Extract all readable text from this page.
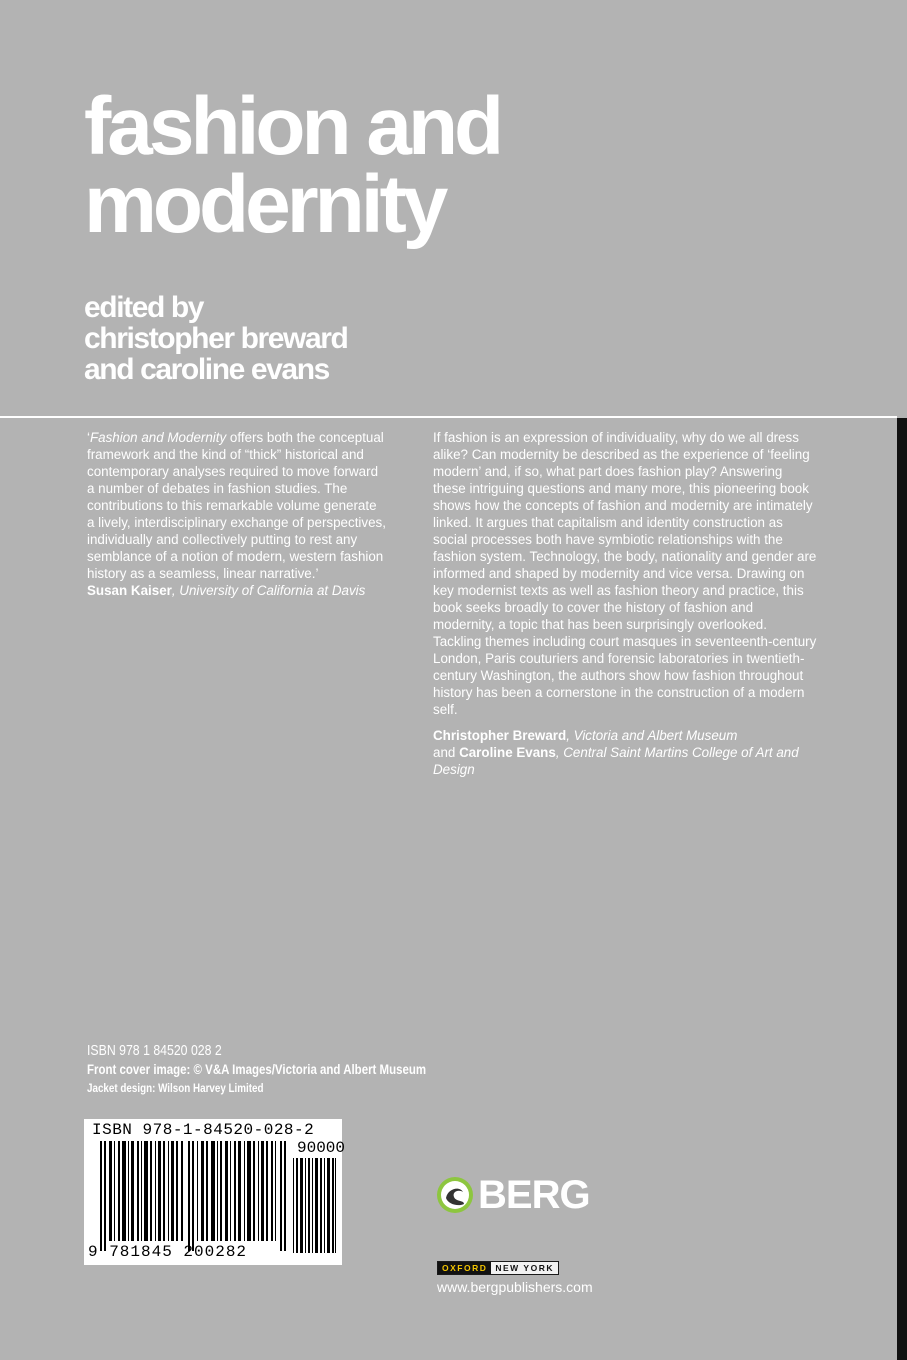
fashion and
modernity
edited by
christopher breward
and caroline evans
‘Fashion and Modernity offers both the conceptual framework and the kind of “thick” historical and contemporary analyses required to move forward a number of debates in fashion studies. The contributions to this remarkable volume generate a lively, interdisciplinary exchange of perspectives, individually and collectively putting to rest any semblance of a notion of modern, western fashion history as a seamless, linear narrative.’
Susan Kaiser, University of California at Davis

If fashion is an expression of individuality, why do we all dress alike? Can modernity be described as the experience of ‘feeling modern’ and, if so, what part does fashion play? Answering these intriguing questions and many more, this pioneering book shows how the concepts of fashion and modernity are intimately linked. It argues that capitalism and identity construction as social processes both have symbiotic relationships with the fashion system. Technology, the body, nationality and gender are informed and shaped by modernity and vice versa. Drawing on key modernist texts as well as fashion theory and practice, this book seeks broadly to cover the history of fashion and modernity, a topic that has been surprisingly overlooked. Tackling themes including court masques in seventeenth-century London, Paris couturiers and forensic laboratories in twentieth-century Washington, the authors show how fashion throughout history has been a cornerstone in the construction of a modern self.

Christopher Breward, Victoria and Albert Museum
and Caroline Evans, Central Saint Martins College of Art and Design

ISBN 978 1 84520 028 2
Front cover image: © V&A Images/Victoria and Albert Museum
Jacket design: Wilson Harvey Limited
ISBN 978-1-84520-028-2
90000
9 781845 200282
BERG
OXFORD NEW YORK
www.bergpublishers.com
